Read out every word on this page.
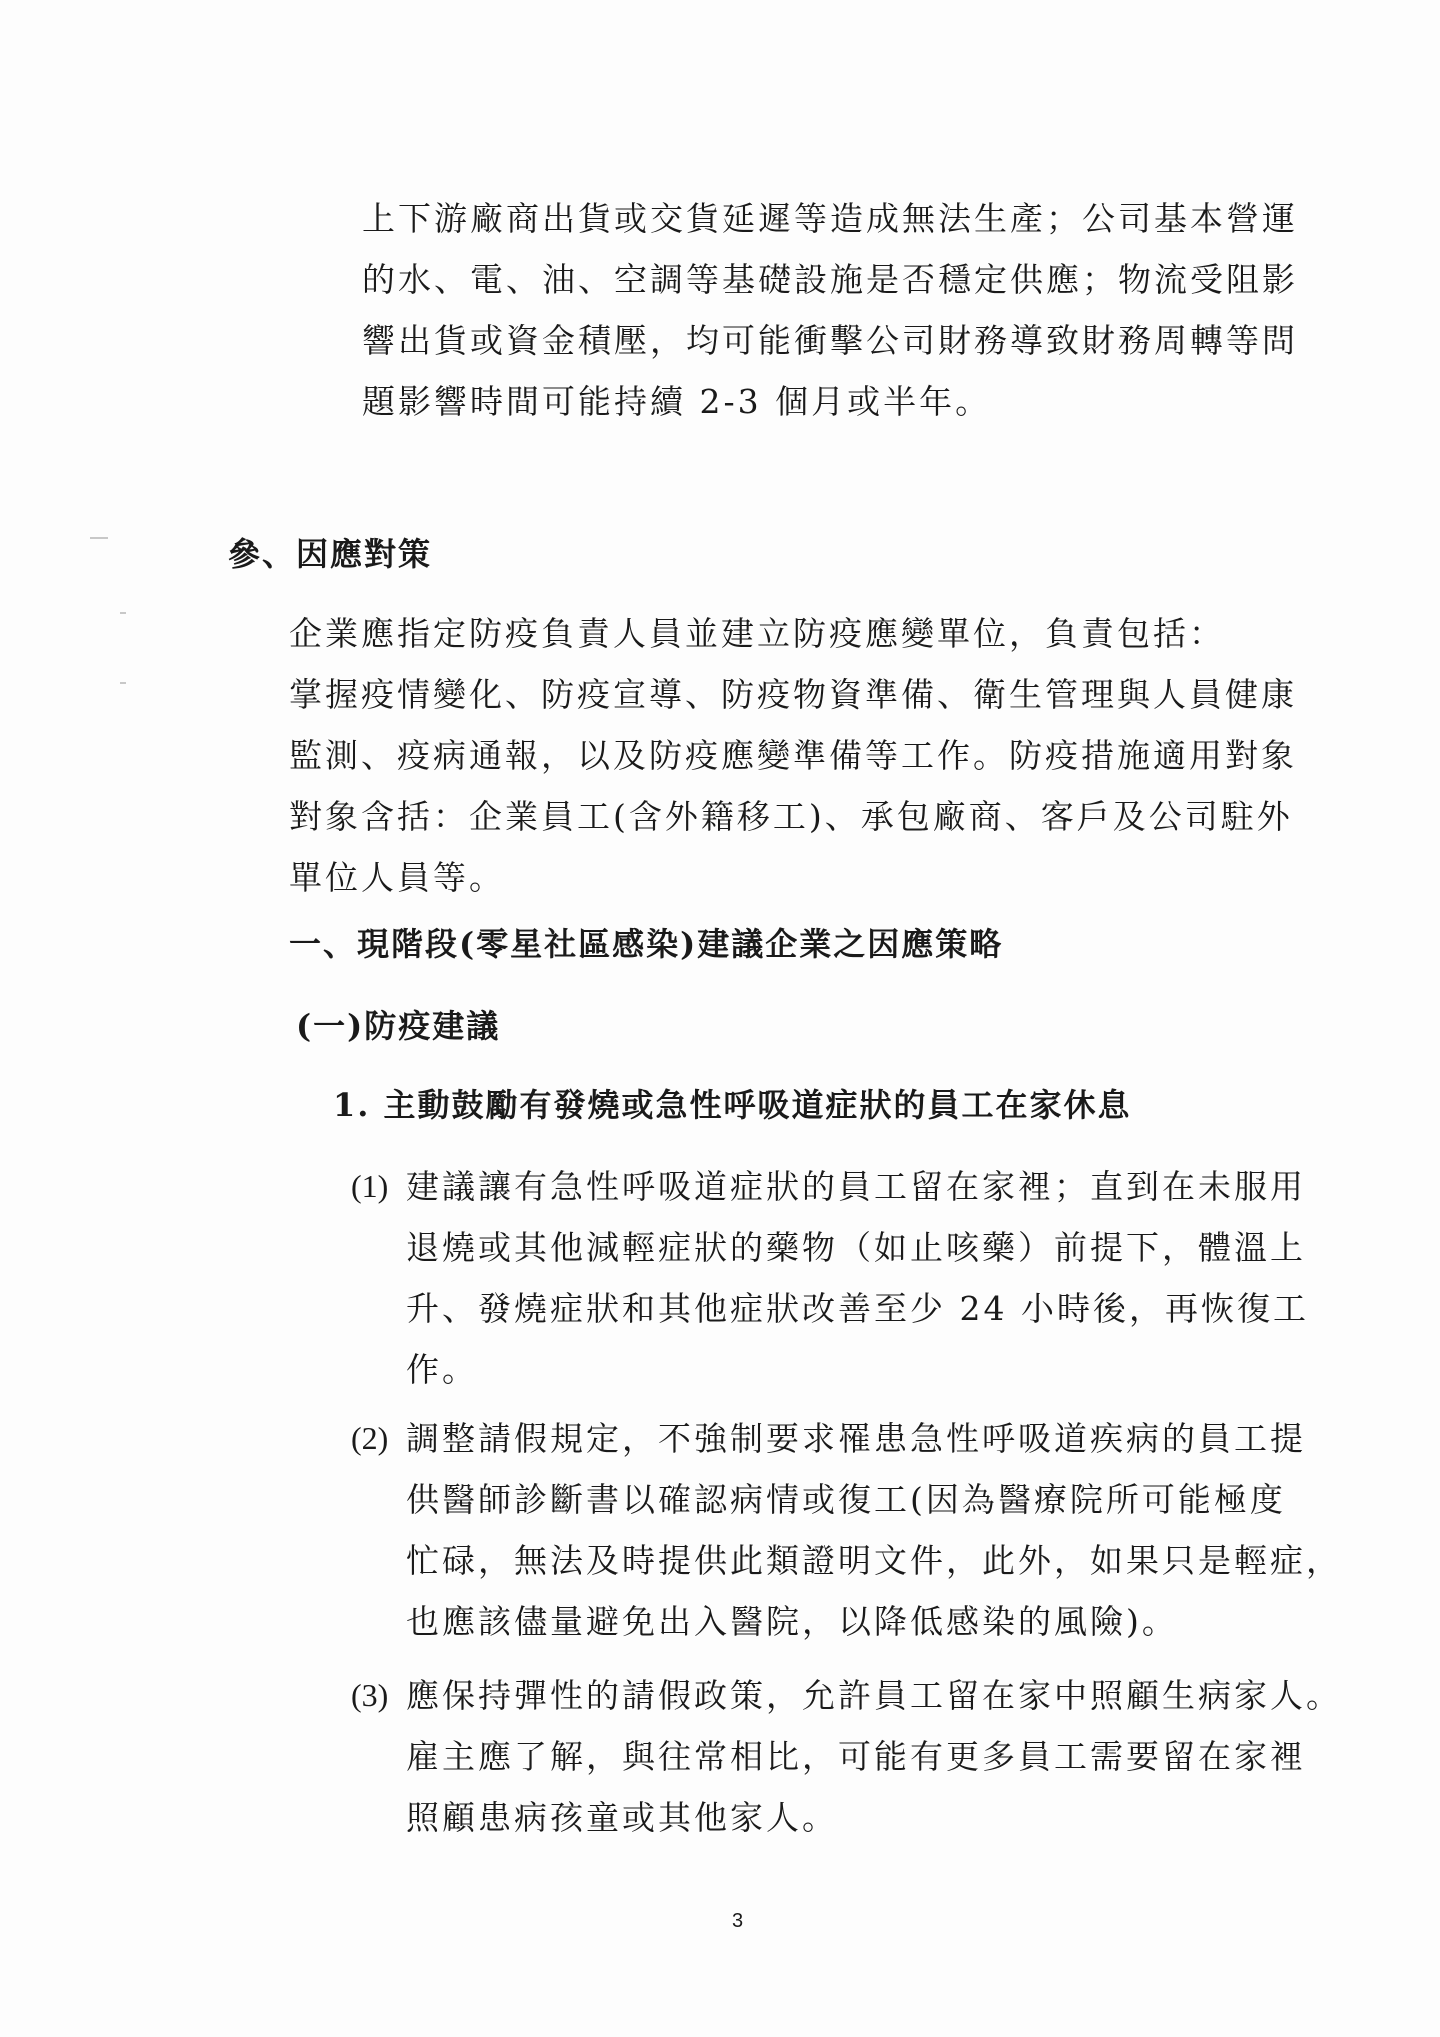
上下游廠商出貨或交貨延遲等造成無法生產；公司基本營運
的水、電、油、空調等基礎設施是否穩定供應；物流受阻影
響出貨或資金積壓，均可能衝擊公司財務導致財務周轉等問
題影響時間可能持續 2-3 個月或半年。
參、因應對策
企業應指定防疫負責人員並建立防疫應變單位，負責包括：
掌握疫情變化、防疫宣導、防疫物資準備、衛生管理與人員健康
監測、疫病通報，以及防疫應變準備等工作。防疫措施適用對象
對象含括：企業員工(含外籍移工)、承包廠商、客戶及公司駐外
單位人員等。
一、現階段(零星社區感染)建議企業之因應策略
(一)防疫建議
1. 主動鼓勵有發燒或急性呼吸道症狀的員工在家休息
(1) 建議讓有急性呼吸道症狀的員工留在家裡；直到在未服用
退燒或其他減輕症狀的藥物（如止咳藥）前提下，體溫上
升、發燒症狀和其他症狀改善至少 24 小時後，再恢復工
作。
(2) 調整請假規定，不強制要求罹患急性呼吸道疾病的員工提
供醫師診斷書以確認病情或復工(因為醫療院所可能極度
忙碌，無法及時提供此類證明文件，此外，如果只是輕症，
也應該儘量避免出入醫院，以降低感染的風險)。
(3) 應保持彈性的請假政策，允許員工留在家中照顧生病家人。
雇主應了解，與往常相比，可能有更多員工需要留在家裡
照顧患病孩童或其他家人。
3
